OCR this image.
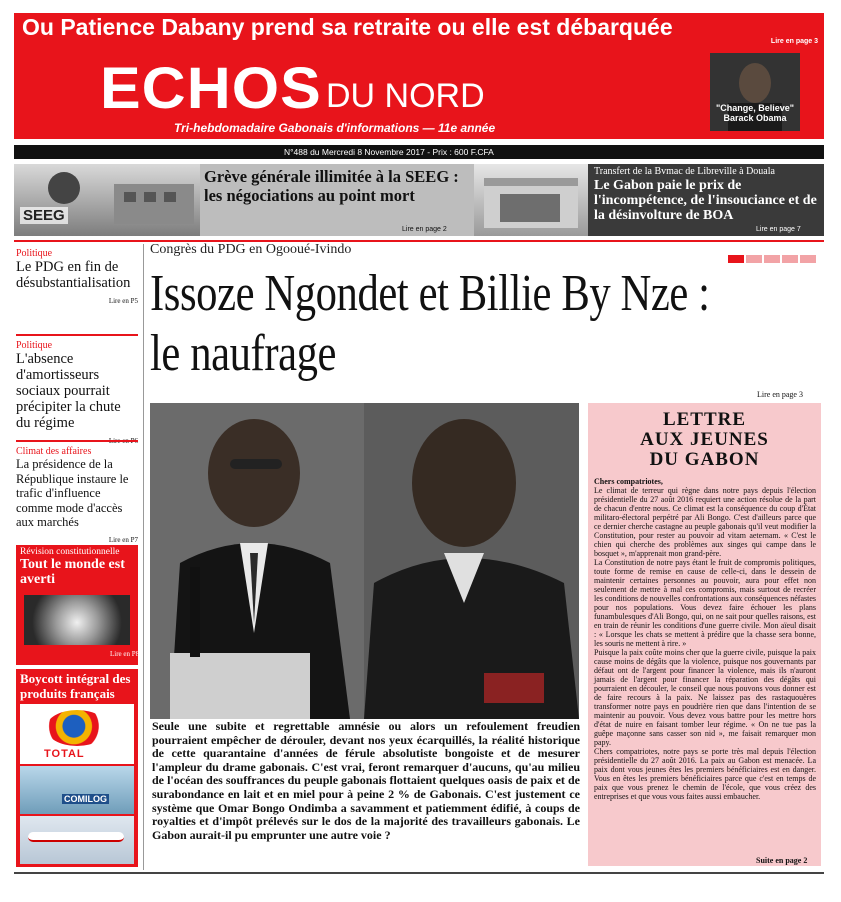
Ou Patience Dabany prend sa retraite ou elle est débarquée
Lire en page 3
ECHOS DU NORD
Tri-hebdomadaire Gabonais d'informations — 11e année
"Change, Believe"
Barack Obama
N°488 du Mercredi 8 Novembre 2017 - Prix : 600 F.CFA
SEEG
Grève générale illimitée à la SEEG : les négociations au point mort
Lire en page 2
Transfert de la Bvmac de Libreville à Douala
Le Gabon paie le prix de l'incompétence, de l'insouciance et de la désinvolture de BOA
Lire en page 7
Politique
Le PDG en fin de désubstantialisation
Lire en P5
Politique
L'absence d'amortisseurs sociaux pourrait précipiter la chute du régime
Climat des affaires
La présidence de la République instaure le trafic d'influence comme mode d'accès aux marchés
Lire en P7
Révision constitutionnelle
Tout le monde est averti
Lire en P8
Boycott intégral des produits français
TOTAL
COMILOG
Congrès du PDG en Ogooué-Ivindo
Issoze Ngondet et Billie By Nze :
le naufrage
Lire en page 3
Seule une subite et regrettable amnésie ou alors un refoulement freudien pourraient empêcher de dérouler, devant nos yeux écarquillés, la réalité historique de cette quarantaine d'années de férule absolutiste bongoiste et de mesurer l'ampleur du drame gabonais. C'est vrai, feront remarquer d'aucuns, qu'au milieu de l'océan des souffrances du peuple gabonais flottaient quelques oasis de paix et de surabondance en lait et en miel pour à peine 2 % de Gabonais. C'est justement ce système que Omar Bongo Ondimba a savamment et patiemment édifié, à coups de royalties et d'impôt prélevés sur le dos de la majorité des travailleurs gabonais. Le Gabon aurait-il pu emprunter une autre voie ?
LETTRE
AUX JEUNES
DU GABON
Chers compatriotes,

Le climat de terreur qui règne dans notre pays depuis l'élection présidentielle du 27 août 2016 requiert une action résolue de la part de chacun d'entre nous. Ce climat est la conséquence du coup d'État militaro-électoral perpétré par Ali Bongo. C'est d'ailleurs parce que ce dernier cherche castagne au peuple gabonais qu'il veut modifier la Constitution, pour rester au pouvoir ad vitam aeternam. « C'est le chien qui cherche des problèmes aux singes qui campe dans le bosquet », m'apprenait mon grand-père.

La Constitution de notre pays étant le fruit de compromis politiques, toute forme de remise en cause de celle-ci, dans le dessein de maintenir certaines personnes au pouvoir, aura pour effet non seulement de mettre à mal ces compromis, mais surtout de recréer les conditions de nouvelles confrontations aux conséquences néfastes pour nos populations. Vous devez faire échouer les plans funambulesques d'Ali Bongo, qui, on ne sait pour quelles raisons, est en train de réunir les conditions d'une guerre civile. Mon aïeul disait : « Lorsque les chats se mettent à prédire que la chasse sera bonne, les souris ne mettent à rire. »

Puisque la paix coûte moins cher que la guerre civile, puisque la paix cause moins de dégâts que la violence, puisque nos gouvernants par défaut ont de l'argent pour financer la violence, mais ils n'auront jamais de l'argent pour financer la réparation des dégâts qui pourraient en découler, le conseil que nous pouvons vous donner est de faire recours à la paix. Ne laissez pas des rastaquouères transformer notre pays en poudrière rien que dans l'intention de se maintenir au pouvoir. Vous devez vous battre pour les mettre hors d'état de nuire en faisant tomber leur régime. « On ne tue pas la guêpe maçonne sans casser son nid », me faisait remarquer mon papy.

Chers compatriotes, notre pays se porte très mal depuis l'élection présidentielle du 27 août 2016. La paix au Gabon est menacée. La paix dont vous jeunes êtes les premiers bénéficiaires est en danger. Vous en êtes les premiers bénéficiaires parce que c'est en temps de paix que vous prenez le chemin de l'école, que vous créez des entreprises et que vous vous faites aussi embaucher.

Suite en page 2
